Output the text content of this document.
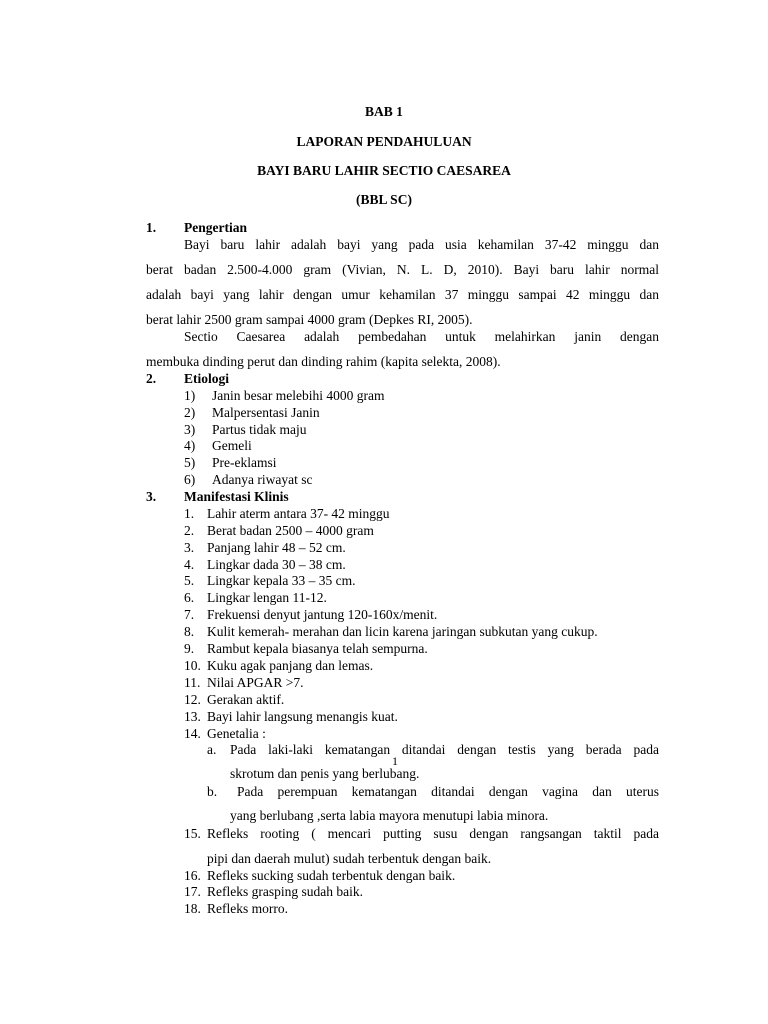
BAB 1
LAPORAN PENDAHULUAN
BAYI BARU LAHIR SECTIO CAESAREA
(BBL SC)
1. Pengertian
Bayi baru lahir adalah bayi yang pada usia kehamilan 37-42 minggu dan
berat badan 2.500-4.000 gram (Vivian, N. L. D, 2010). Bayi baru lahir normal
adalah bayi yang lahir dengan umur kehamilan 37 minggu sampai 42 minggu dan
berat lahir 2500 gram sampai 4000 gram (Depkes RI, 2005).
Sectio Caesarea adalah pembedahan untuk melahirkan janin dengan
membuka dinding perut dan dinding rahim (kapita selekta, 2008).
2. Etiologi
1) Janin besar melebihi 4000 gram
2) Malpersentasi Janin
3) Partus tidak maju
4) Gemeli
5) Pre-eklamsi
6) Adanya riwayat sc
3. Manifestasi Klinis
1. Lahir aterm antara 37- 42 minggu
2. Berat badan 2500 – 4000 gram
3. Panjang lahir 48 – 52 cm.
4. Lingkar dada 30 – 38 cm.
5. Lingkar kepala 33 – 35 cm.
6. Lingkar lengan 11-12.
7. Frekuensi denyut jantung 120-160x/menit.
8. Kulit kemerah- merahan dan licin karena jaringan subkutan yang cukup.
9. Rambut kepala biasanya telah sempurna.
10. Kuku agak panjang dan lemas.
11. Nilai APGAR >7.
12. Gerakan aktif.
13. Bayi lahir langsung menangis kuat.
14. Genetalia :
a. Pada laki-laki kematangan ditandai dengan testis yang berada pada
skrotum dan penis yang berlubang.
b. Pada perempuan kematangan ditandai dengan vagina dan uterus
yang berlubang ,serta labia mayora menutupi labia minora.
15. Refleks rooting ( mencari putting susu dengan rangsangan taktil pada
pipi dan daerah mulut) sudah terbentuk dengan baik.
16. Refleks sucking sudah terbentuk dengan baik.
17. Refleks grasping sudah baik.
18. Refleks morro.
1
